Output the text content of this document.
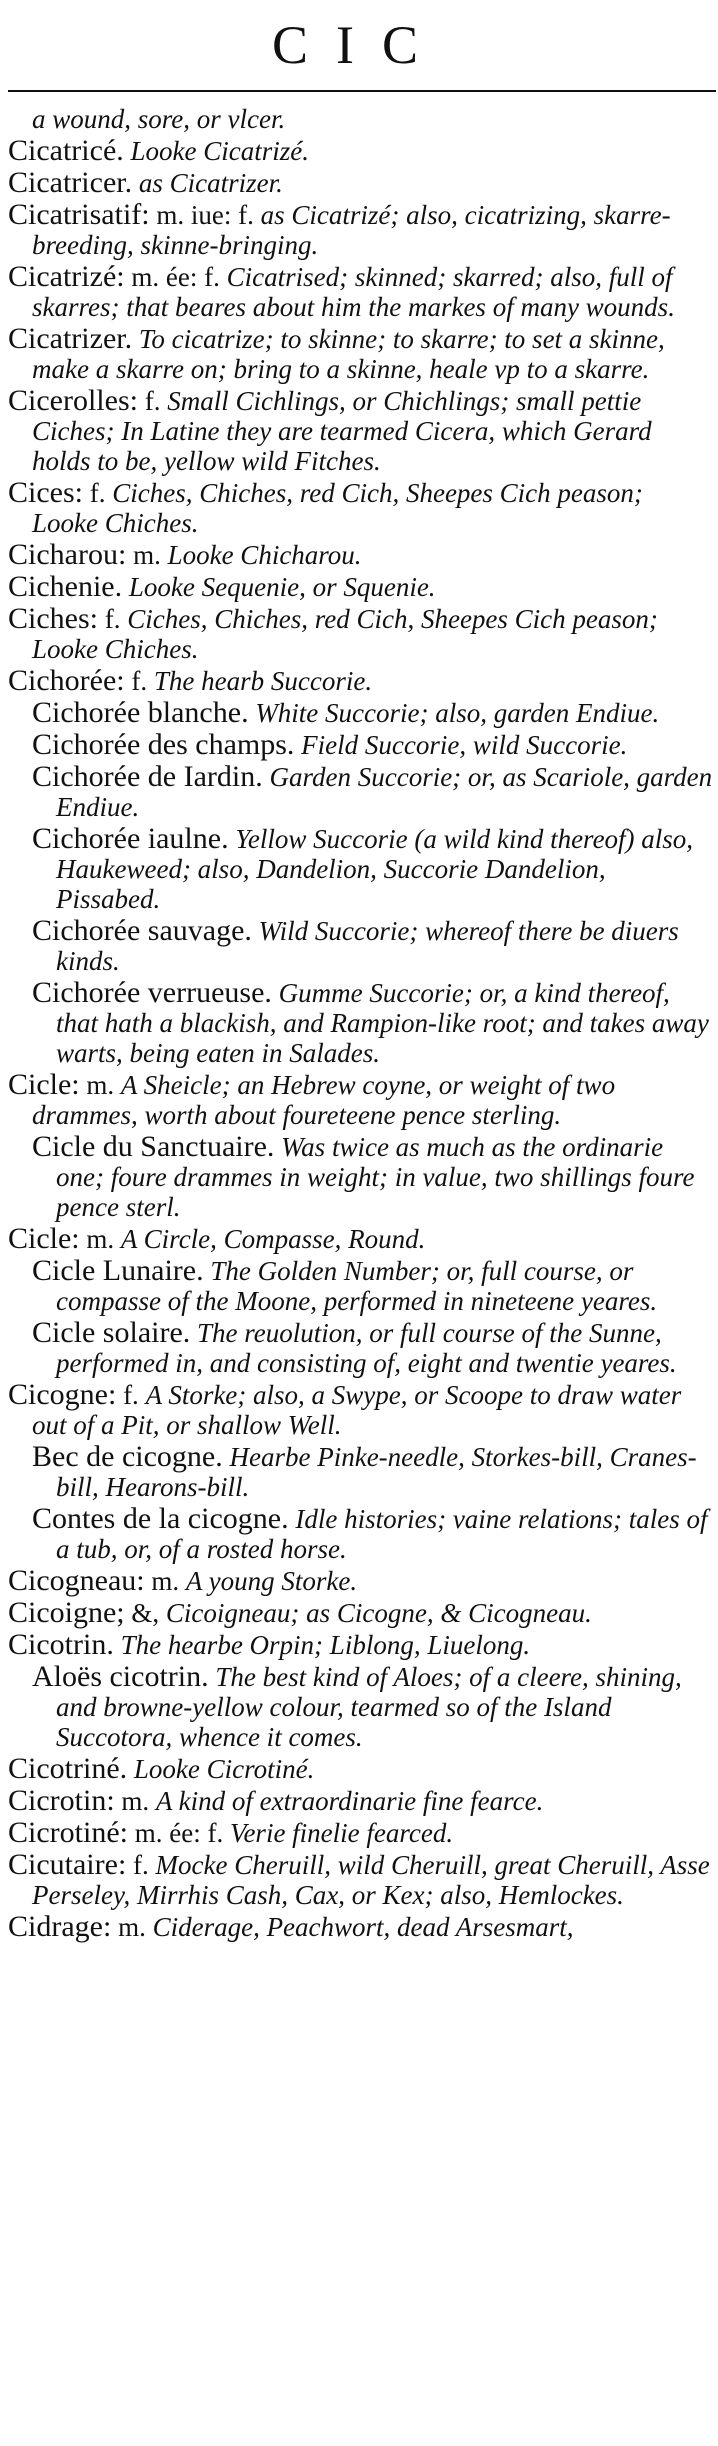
CIC
a wound, sore, or vlcer.
Cicatricé. Looke Cicatrizé.
Cicatricer. as Cicatrizer.
Cicatrisatif: m. iue: f. as Cicatrizé; also, cicatrizing, skarre-breeding, skinne-bringing.
Cicatrizé: m. ée: f. Cicatrised; skinned; skarred; also, full of skarres; that beares about him the markes of many wounds.
Cicatrizer. To cicatrize; to skinne; to skarre; to set a skinne, make a skarre on; bring to a skinne, heale vp to a skarre.
Cicerolles: f. Small Cichlings, or Chichlings; small pettie Ciches; In Latine they are tearmed Cicera, which Gerard holds to be, yellow wild Fitches.
Cices: f. Ciches, Chiches, red Cich, Sheepes Cich peason; Looke Chiches.
Cicharou: m. Looke Chicharou.
Cichenie. Looke Sequenie, or Squenie.
Ciches: f. Ciches, Chiches, red Cich, Sheepes Cich peason; Looke Chiches.
Cichorée: f. The hearb Succorie.
Cichorée blanche. White Succorie; also, garden Endiue.
Cichorée des champs. Field Succorie, wild Succorie.
Cichorée de Iardin. Garden Succorie; or, as Scariole, garden Endiue.
Cichorée iaulne. Yellow Succorie (a wild kind thereof) also, Haukeweed; also, Dandelion, Succorie Dandelion, Pissabed.
Cichorée sauvage. Wild Succorie; whereof there be diuers kinds.
Cichorée verrueuse. Gumme Succorie; or, a kind thereof, that hath a blackish, and Rampion-like root; and takes away warts, being eaten in Salades.
Cicle: m. A Sheicle; an Hebrew coyne, or weight of two drammes, worth about foureteene pence sterling.
Cicle du Sanctuaire. Was twice as much as the ordinarie one; foure drammes in weight; in value, two shillings foure pence sterl.
Cicle: m. A Circle, Compasse, Round.
Cicle Lunaire. The Golden Number; or, full course, or compasse of the Moone, performed in nineteene yeares.
Cicle solaire. The reuolution, or full course of the Sunne, performed in, and consisting of, eight and twentie yeares.
Cicogne: f. A Storke; also, a Swype, or Scoope to draw water out of a Pit, or shallow Well.
Bec de cicogne. Hearbe Pinke-needle, Storkes-bill, Cranes-bill, Hearons-bill.
Contes de la cicogne. Idle histories; vaine relations; tales of a tub, or, of a rosted horse.
Cicogneau: m. A young Storke.
Cicoigne; &, Cicoigneau; as Cicogne, & Cicogneau.
Cicotrin. The hearbe Orpin; Liblong, Liuelong.
Aloës cicotrin. The best kind of Aloes; of a cleere, shining, and browne-yellow colour, tearmed so of the Island Succotora, whence it comes.
Cicotriné. Looke Cicrotiné.
Cicrotin: m. A kind of extraordinarie fine fearce.
Cicrotiné: m. ée: f. Verie finelie fearced.
Cicutaire: f. Mocke Cheruill, wild Cheruill, great Cheruill, Asse Perseley, Mirrhis Cash, Cax, or Kex; also, Hemlockes.
Cidrage: m. Ciderage, Peachwort, dead Arsesmart,
